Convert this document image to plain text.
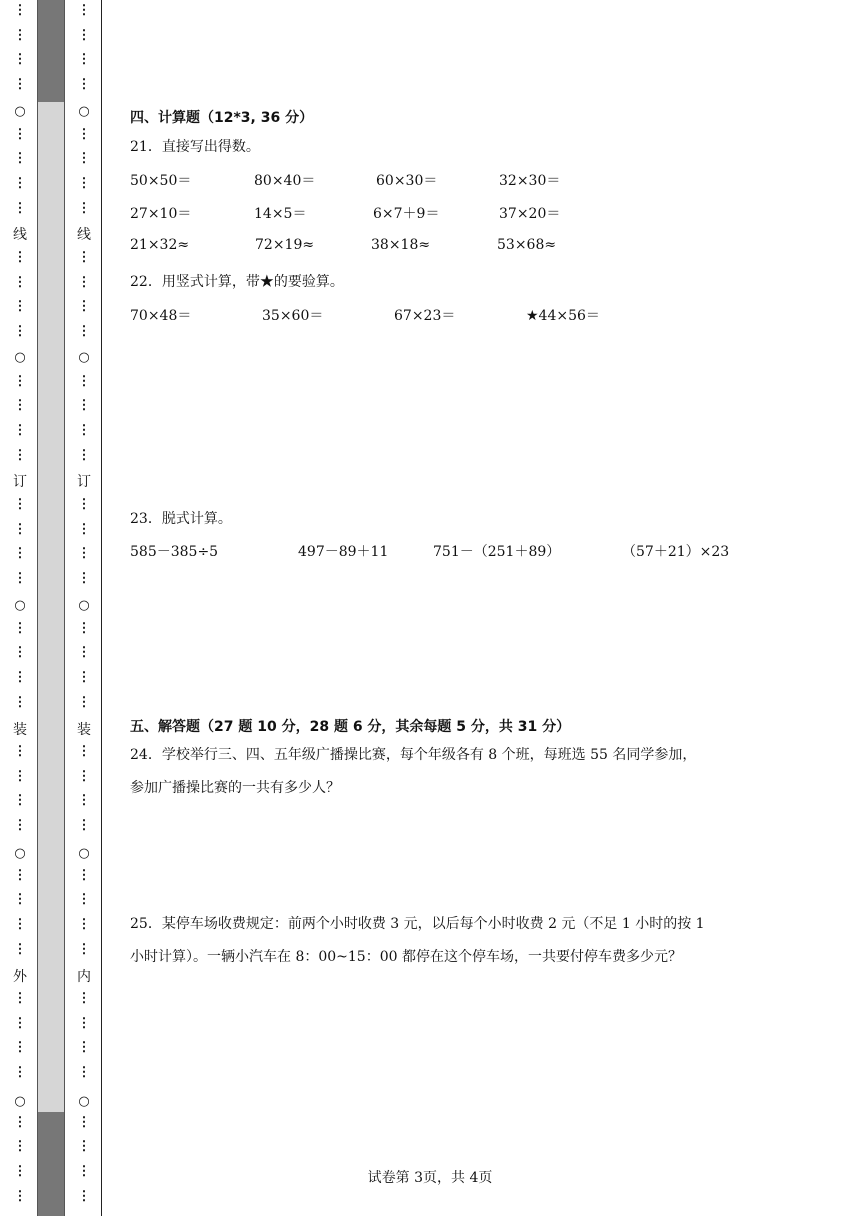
○
○
○
○
○
线
订
装
外
⋮
⋮
⋮
⋮
⋮
⋮
⋮
⋮
⋮
⋮
⋮
⋮
⋮
⋮
⋮
⋮
⋮
⋮
⋮
⋮
⋮
⋮
⋮
⋮
⋮
⋮
⋮
⋮
⋮
⋮
⋮
⋮
⋮
⋮
⋮
⋮
⋮
⋮
⋮
⋮
○
○
○
○
○
线
订
装
内
⋮
⋮
⋮
⋮
⋮
⋮
⋮
⋮
⋮
⋮
⋮
⋮
⋮
⋮
⋮
⋮
⋮
⋮
⋮
⋮
⋮
⋮
⋮
⋮
⋮
⋮
⋮
⋮
⋮
⋮
⋮
⋮
⋮
⋮
⋮
⋮
⋮
⋮
⋮
⋮
四、计算题（12*3, 36 分）
21．直接写出得数。
50×50＝	80×40＝	60×30＝	32×30＝
27×10＝	14×5＝	6×7＋9＝	37×20＝
21×32≈	72×19≈	38×18≈	53×68≈
22．用竖式计算，带★的要验算。
70×48＝	35×60＝	67×23＝	★44×56＝
23．脱式计算。
585－385÷5	497－89＋11	751－（251＋89）	（57＋21）×23
五、解答题（27 题 10 分，28 题 6 分，其余每题 5 分，共 31 分）
24．学校举行三、四、五年级广播操比赛，每个年级各有 8 个班，每班选 55 名同学参加，
参加广播操比赛的一共有多少人？
25．某停车场收费规定：前两个小时收费 3 元，以后每个小时收费 2 元（不足 1 小时的按 1
小时计算）。一辆小汽车在 8：00~15：00 都停在这个停车场，一共要付停车费多少元？
试卷第 3页，共 4页
